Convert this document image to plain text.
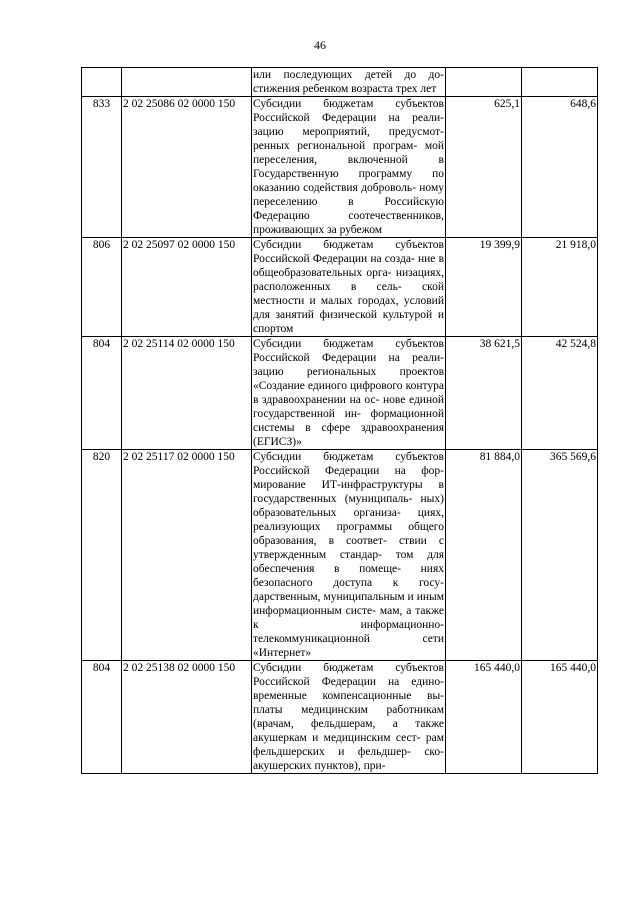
46
		или последующих детей до до- стижения ребенком возраста трех лет		
833	2 02 25086 02 0000 150	Субсидии бюджетам субъектов Российской Федерации на реали- зацию мероприятий, предусмот- ренных региональной програм- мой переселения, включенной в Государственную программу по оказанию содействия доброволь- ному переселению в Российскую Федерацию соотечественников, проживающих за рубежом	625,1	648,6
806	2 02 25097 02 0000 150	Субсидии бюджетам субъектов Российской Федерации на созда- ние в общеобразовательных орга- низациях, расположенных в сель- ской местности и малых городах, условий для занятий физической культурой и спортом	19 399,9	21 918,0
804	2 02 25114 02 0000 150	Субсидии бюджетам субъектов Российской Федерации на реали- зацию региональных проектов «Создание единого цифрового контура в здравоохранении на ос- нове единой государственной ин- формационной системы в сфере здравоохранения (ЕГИСЗ)»	38 621,5	42 524,8
820	2 02 25117 02 0000 150	Субсидии бюджетам субъектов Российской Федерации на фор- мирование ИТ-инфраструктуры в государственных (муниципаль- ных) образовательных организа- циях, реализующих программы общего образования, в соответ- ствии с утвержденным стандар- том для обеспечения в помеще- ниях безопасного доступа к госу- дарственным, муниципальным и иным информационным систе- мам, а также к информационно- телекоммуникационной сети «Интернет»	81 884,0	365 569,6
804	2 02 25138 02 0000 150	Субсидии бюджетам субъектов Российской Федерации на едино- временные компенсационные вы- платы медицинским работникам (врачам, фельдшерам, а также акушеркам и медицинским сест- рам фельдшерских и фельдшер- ско-акушерских пунктов), при-	165 440,0	165 440,0
